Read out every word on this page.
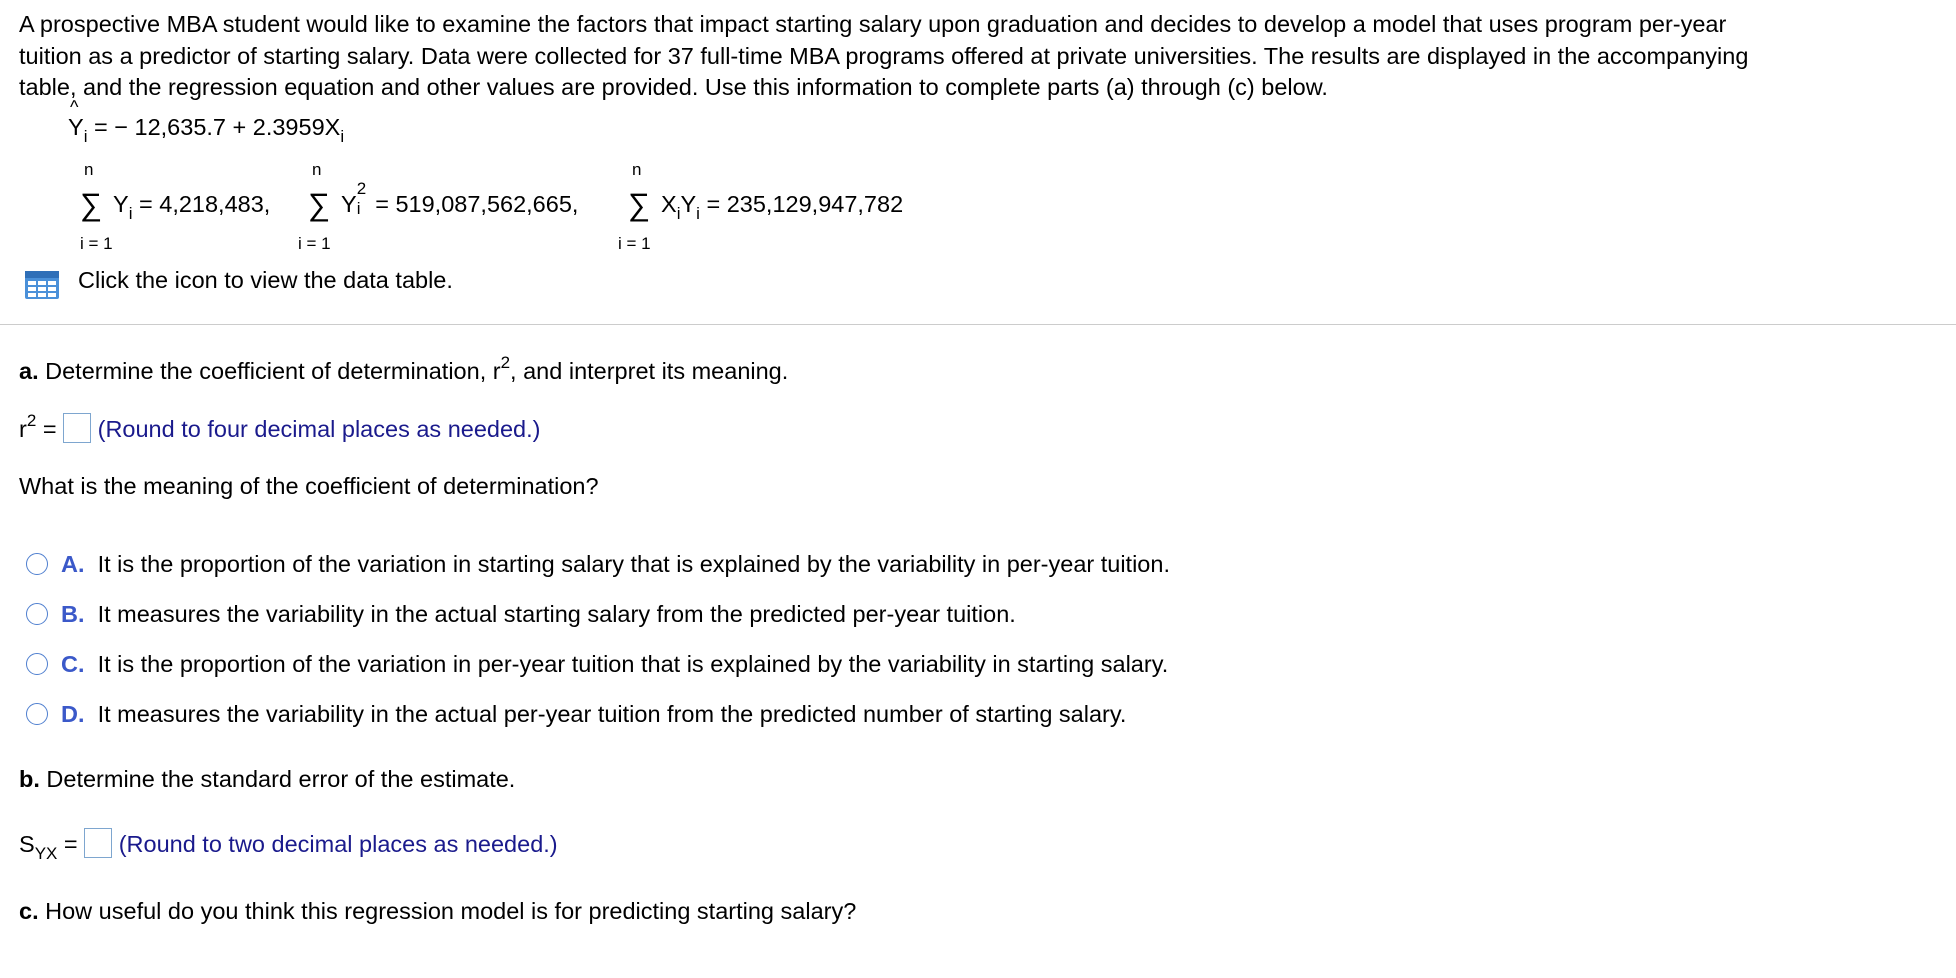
A prospective MBA student would like to examine the factors that impact starting salary upon graduation and decides to develop a model that uses program per-year
tuition as a predictor of starting salary. Data were collected for 37 full-time MBA programs offered at private universities. The results are displayed in the accompanying
table, and the regression equation and other values are provided. Use this information to complete parts (a) through (c) below.
^
$Y_i$ = − $12,635.7 + 2.3959X_i$
n
∑ $Y_i = 4,218,483$,
i = 1
n
∑ Y
2
i = 519,087,562,665,
i = 1
n
∑ $X_iY_i = 235,129,947,782$
i = 1
Click the icon to view the data table.
a. Determine the coefficient of determination, $r^2$, and interpret its meaning.
$r^2$ = (Round to four decimal places as needed.)
What is the meaning of the coefficient of determination?
A. It is the proportion of the variation in starting salary that is explained by the variability in per-year tuition.
B. It measures the variability in the actual starting salary from the predicted per-year tuition.
C. It is the proportion of the variation in per-year tuition that is explained by the variability in starting salary.
D. It measures the variability in the actual per-year tuition from the predicted number of starting salary.
b. Determine the standard error of the estimate.
$S_{YX}$ = (Round to two decimal places as needed.)
c. How useful do you think this regression model is for predicting starting salary?
